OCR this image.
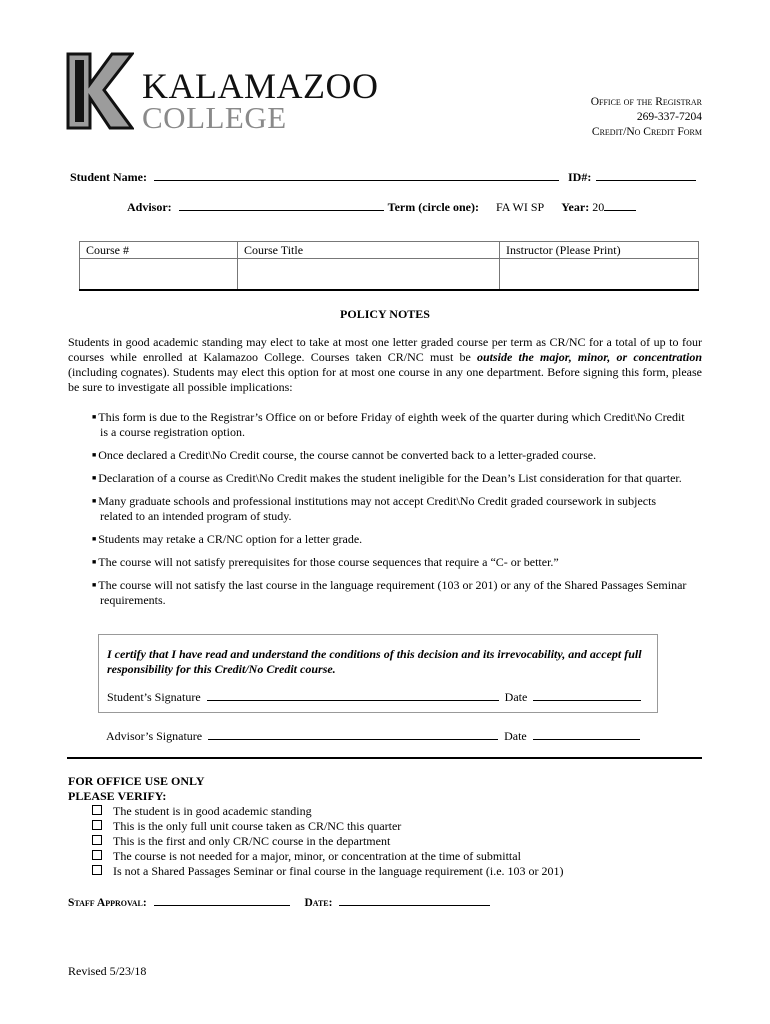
KALAMAZOO
COLLEGE	Office of the Registrar
269-337-7204
Credit/No Credit Form
Student Name:	ID#:
Advisor:	Term (circle one): FA WI SP Year: 20
Course #	Course Title	Instructor (Please Print)

POLICY NOTES
Students in good academic standing may elect to take at most one letter graded course per term as CR/NC for a total of up to four courses while enrolled at Kalamazoo College. Courses taken CR/NC must be outside the major, minor, or concentration (including cognates). Students may elect this option for at most one course in any one department. Before signing this form, please be sure to investigate all possible implications:
■ This form is due to the Registrar’s Office on or before Friday of eighth week of the quarter during which Credit\No Credit is a course registration option.
■ Once declared a Credit\No Credit course, the course cannot be converted back to a letter-graded course.
■ Declaration of a course as Credit\No Credit makes the student ineligible for the Dean’s List consideration for that quarter.
■ Many graduate schools and professional institutions may not accept Credit\No Credit graded coursework in subjects related to an intended program of study.
■ Students may retake a CR/NC option for a letter grade.
■ The course will not satisfy prerequisites for those course sequences that require a “C- or better.”
■ The course will not satisfy the last course in the language requirement (103 or 201) or any of the Shared Passages Seminar requirements.
I certify that I have read and understand the conditions of this decision and its irrevocability, and accept full responsibility for this Credit/No Credit course.
Student’s Signature	Date
Advisor’s Signature	Date
FOR OFFICE USE ONLY
PLEASE VERIFY:
The student is in good academic standing
This is the only full unit course taken as CR/NC this quarter
This is the first and only CR/NC course in the department
The course is not needed for a major, minor, or concentration at the time of submittal
Is not a Shared Passages Seminar or final course in the language requirement (i.e. 103 or 201)
Staff Approval:	Date:
Revised 5/23/18
